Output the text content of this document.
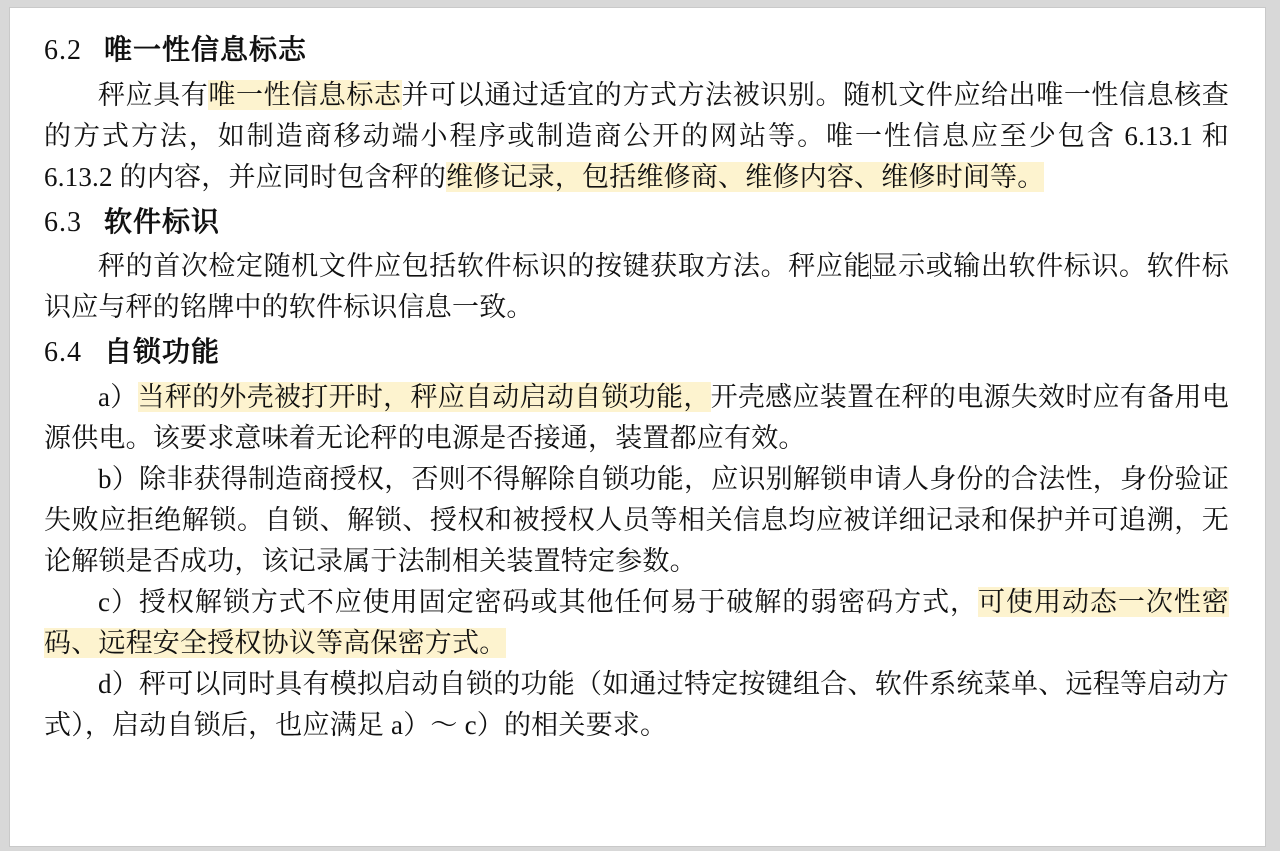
6.2 唯一性信息标志

秤应具有唯一性信息标志并可以通过适宜的方式方法被识别。随机文件应给出唯一性信息核查的方式方法，如制造商移动端小程序或制造商公开的网站等。唯一性信息应至少包含 6.13.1 和 6.13.2 的内容，并应同时包含秤的维修记录，包括维修商、维修内容、维修时间等。

6.3 软件标识

秤的首次检定随机文件应包括软件标识的按键获取方法。秤应能显示或输出软件标识。软件标识应与秤的铭牌中的软件标识信息一致。

6.4 自锁功能

a）当秤的外壳被打开时，秤应自动启动自锁功能，开壳感应装置在秤的电源失效时应有备用电源供电。该要求意味着无论秤的电源是否接通，装置都应有效。

b）除非获得制造商授权，否则不得解除自锁功能，应识别解锁申请人身份的合法性，身份验证失败应拒绝解锁。自锁、解锁、授权和被授权人员等相关信息均应被详细记录和保护并可追溯，无论解锁是否成功，该记录属于法制相关装置特定参数。

c）授权解锁方式不应使用固定密码或其他任何易于破解的弱密码方式，可使用动态一次性密码、远程安全授权协议等高保密方式。

d）秤可以同时具有模拟启动自锁的功能（如通过特定按键组合、软件系统菜单、远程等启动方式），启动自锁后，也应满足 a）～ c）的相关要求。
